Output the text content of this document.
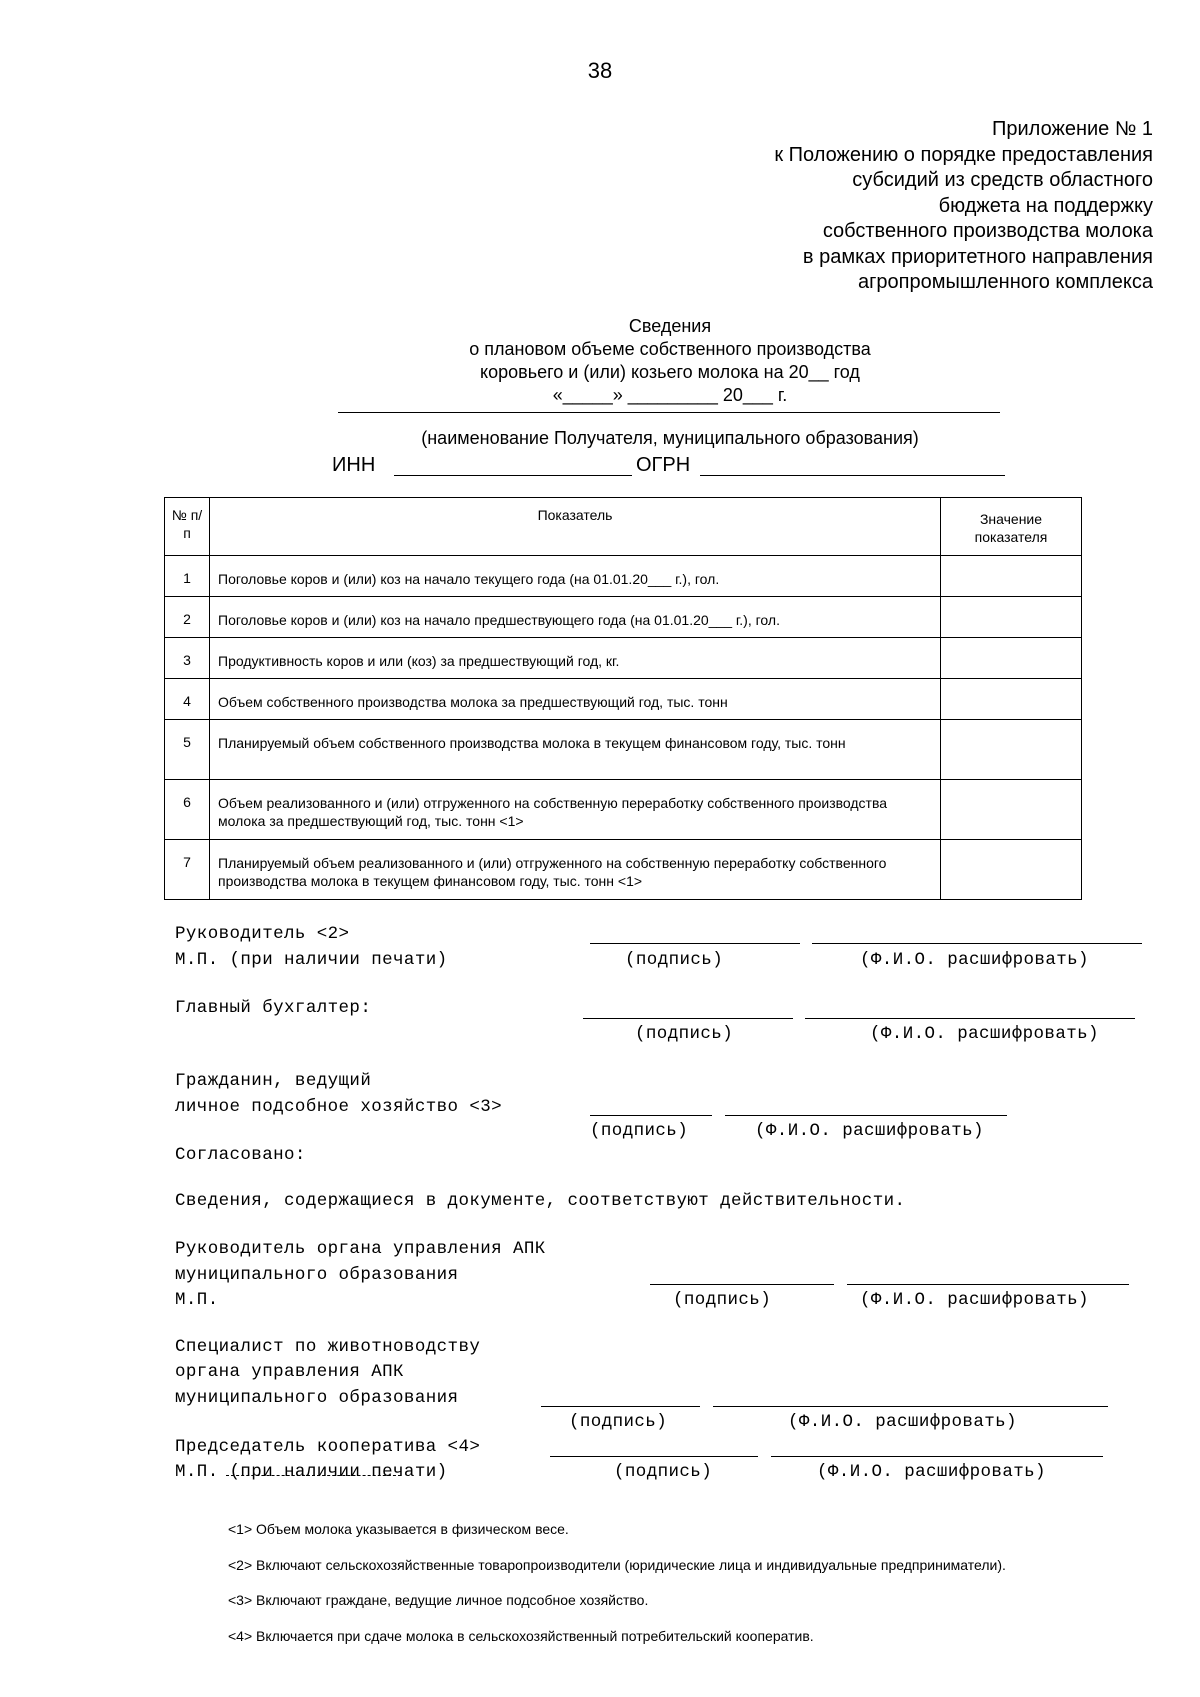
38
Приложение № 1
к Положению о порядке предоставления
субсидий из средств областного
бюджета на поддержку
собственного производства молока
в рамках приоритетного направления
агропромышленного комплекса
Сведения
о плановом объеме собственного производства
коровьего и (или) козьего молока на 20__ год
«_____» _________ 20___ г.
(наименование Получателя, муниципального образования)
ИНН	ОГРН
№ п/п	Показатель	Значение показателя
1	Поголовье коров и (или) коз на начало текущего года (на 01.01.20___ г.), гол.	
2	Поголовье коров и (или) коз на начало предшествующего года (на 01.01.20___ г.), гол.	
3	Продуктивность коров и или (коз) за предшествующий год, кг.	
4	Объем собственного производства молока за предшествующий год, тыс. тонн	
5	Планируемый объем собственного производства молока в текущем финансовом году, тыс. тонн	
6	Объем реализованного и (или) отгруженного на собственную переработку собственного производства молока за предшествующий год, тыс. тонн <1>	
7	Планируемый объем реализованного и (или) отгруженного на собственную переработку собственного производства молока в текущем финансовом году, тыс. тонн <1>	
Руководитель <2>
М.П. (при наличии печати)	(подпись)	(Ф.И.О. расшифровать)
Главный бухгалтер:
(подпись)	(Ф.И.О. расшифровать)
Гражданин, ведущий
личное подсобное хозяйство <3>
(подпись)	(Ф.И.О. расшифровать)
Согласовано:
Сведения, содержащиеся в документе, соответствуют действительности.
Руководитель органа управления АПК
муниципального образования
М.П.	(подпись)	(Ф.И.О. расшифровать)
Специалист по животноводству
органа управления АПК
муниципального образования
(подпись)	(Ф.И.О. расшифровать)
Председатель кооператива <4>
М.П. (при наличии печати)	(подпись)	(Ф.И.О. расшифровать)
<1> Объем молока указывается в физическом весе.
<2> Включают сельскохозяйственные товаропроизводители (юридические лица и индивидуальные предприниматели).
<3> Включают граждане, ведущие личное подсобное хозяйство.
<4> Включается при сдаче молока в сельскохозяйственный потребительский кооператив.
